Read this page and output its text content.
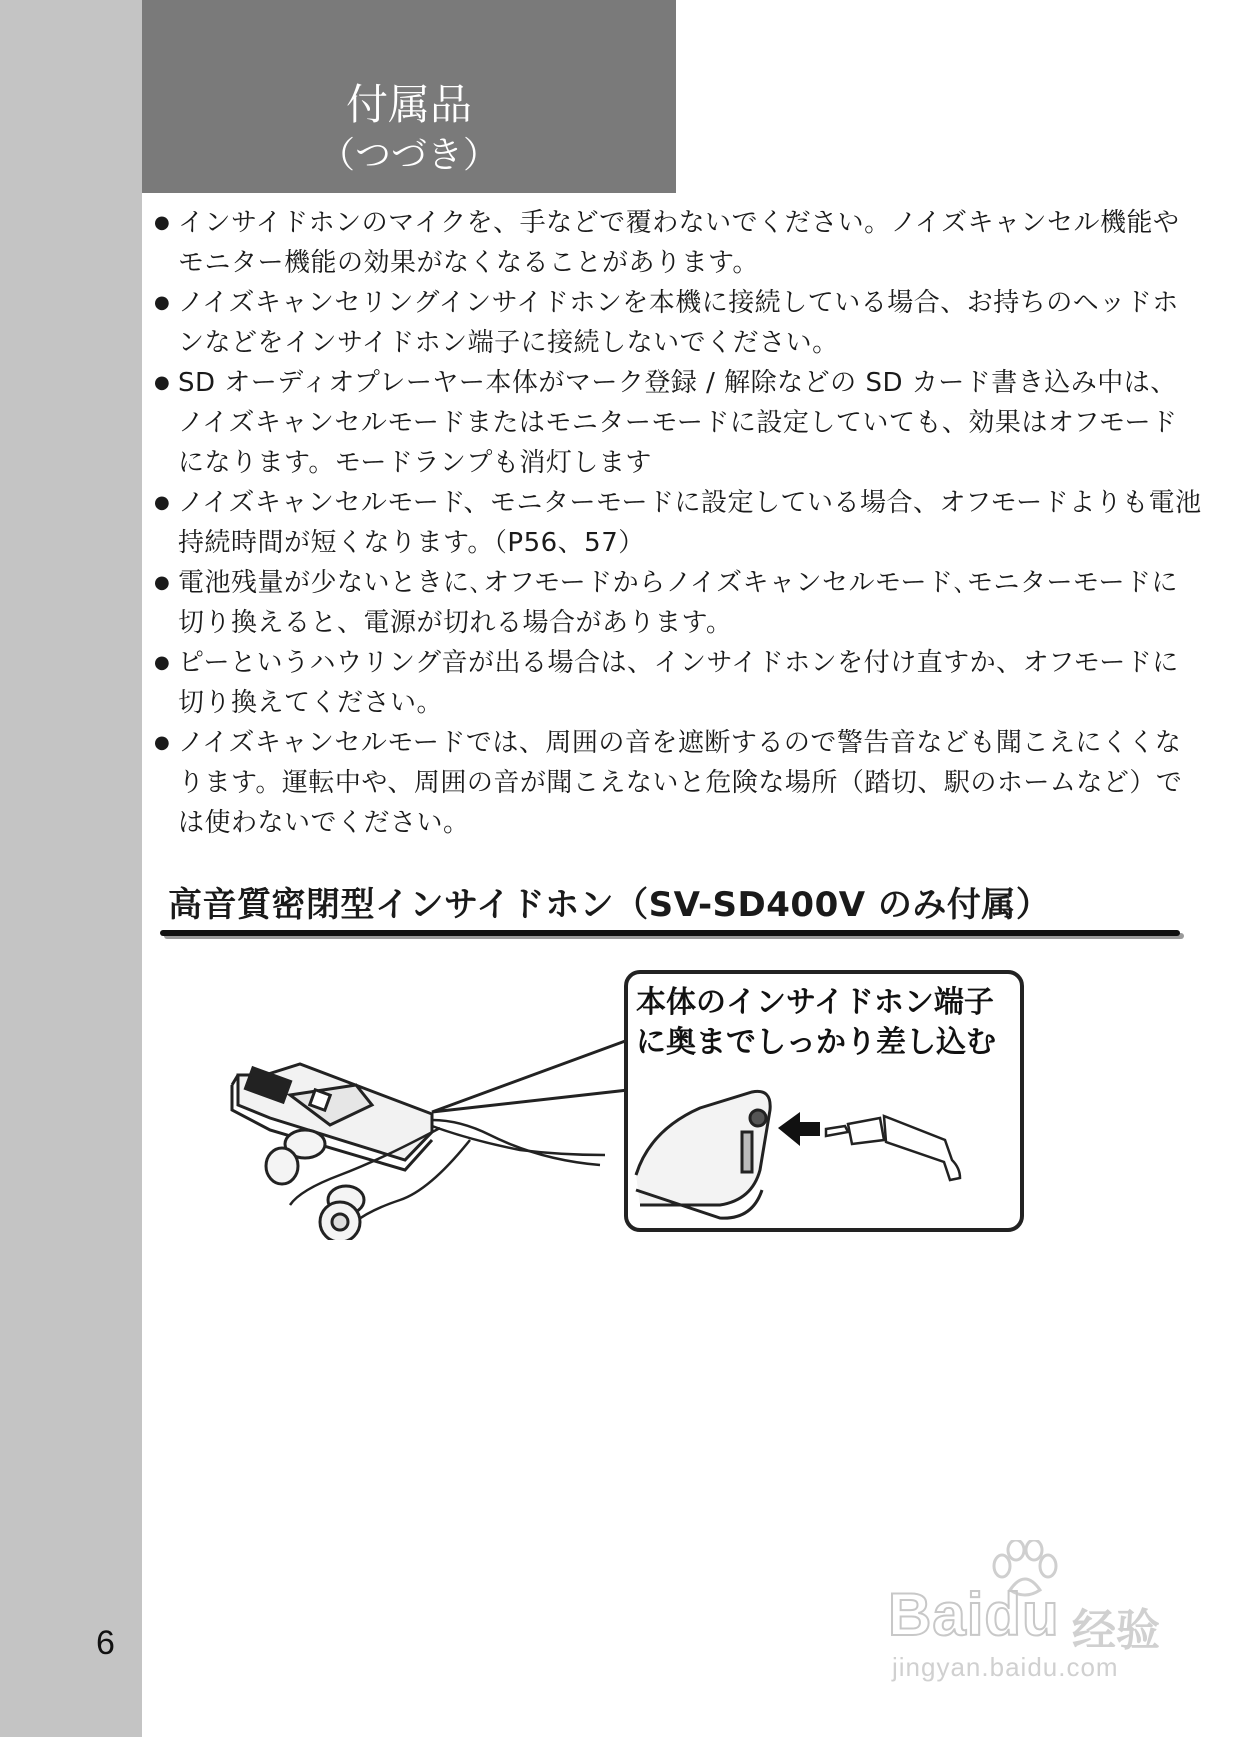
6
付属品
（つづき）
● インサイドホンのマイクを、手などで覆わないでください。ノイズキャンセル機能やモニター機能の効果がなくなることがあります。
● ノイズキャンセリングインサイドホンを本機に接続している場合、お持ちのヘッドホンなどをインサイドホン端子に接続しないでください。
● SD オーディオプレーヤー本体がマーク登録 / 解除などの SD カード書き込み中は、ノイズキャンセルモードまたはモニターモードに設定していても、効果はオフモードになります。モードランプも消灯します
● ノイズキャンセルモード、モニターモードに設定している場合、オフモードよりも電池持続時間が短くなります。（P56、57）
● 電池残量が少ないときに､オフモードからノイズキャンセルモード､モニターモードに切り換えると、電源が切れる場合があります。
● ピーというハウリング音が出る場合は、インサイドホンを付け直すか、オフモードに切り換えてください。
● ノイズキャンセルモードでは、周囲の音を遮断するので警告音なども聞こえにくくなります。運転中や、周囲の音が聞こえないと危険な場所（踏切、駅のホームなど）では使わないでください。
高音質密閉型インサイドホン（SV-SD400V のみ付属）
本体のインサイドホン端子
に奥までしっかり差し込む
Baidu 经验
jingyan.baidu.com
